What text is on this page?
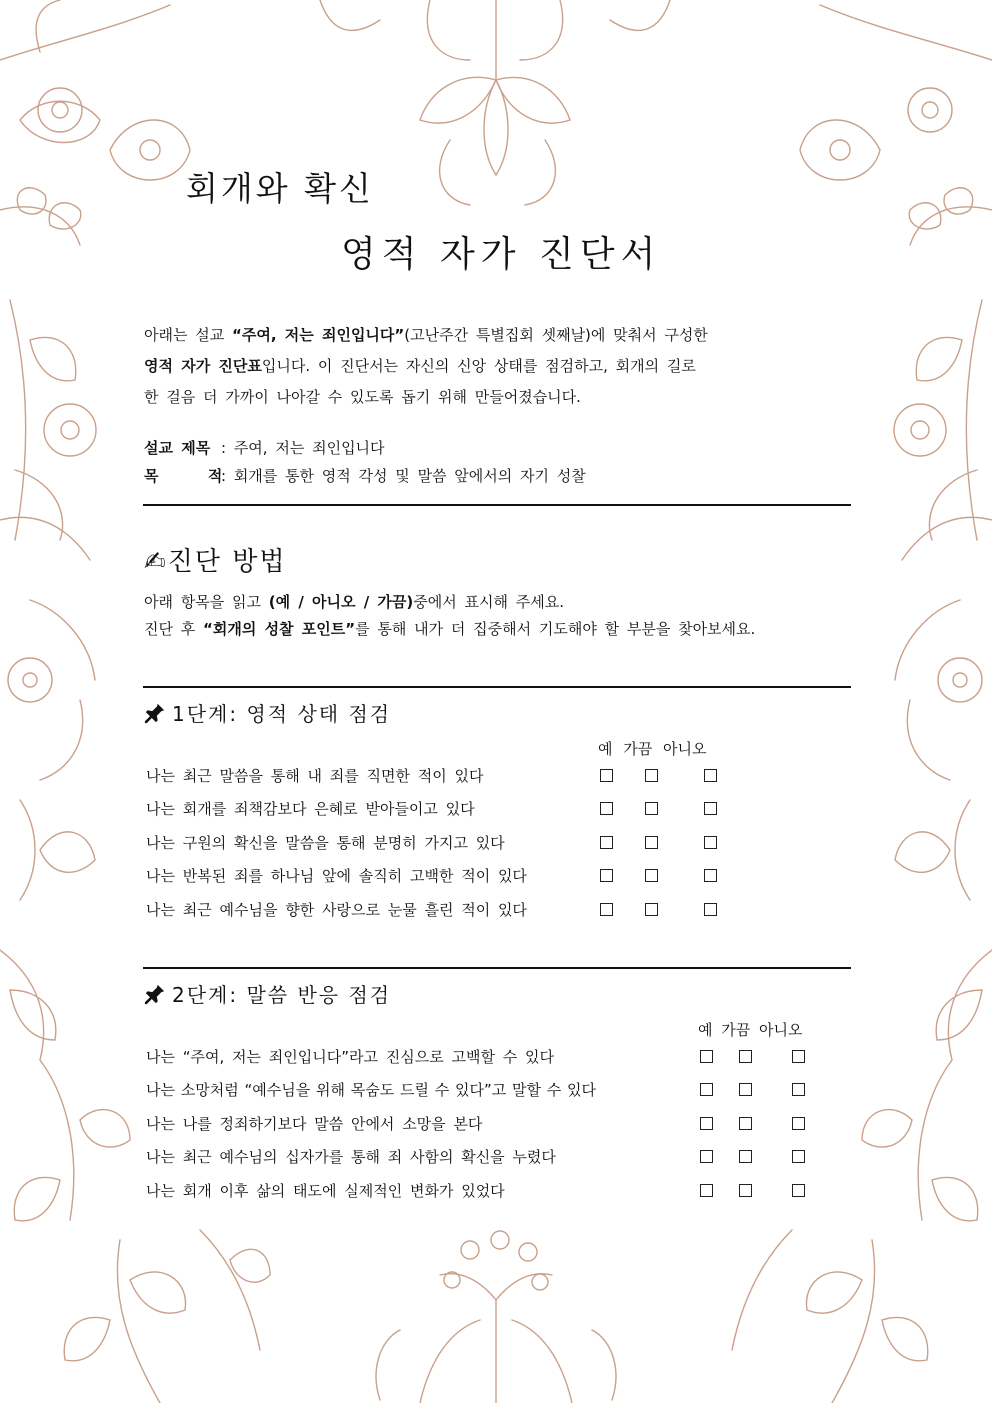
회개와 확신
영적 자가 진단서
아래는 설교 “주여, 저는 죄인입니다”(고난주간 특별집회 셋째날)에 맞춰서 구성한
영적 자가 진단표입니다. 이 진단서는 자신의 신앙 상태를 점검하고, 회개의 길로
한 걸음 더 가까이 나아갈 수 있도록 돕기 위해 만들어졌습니다.
설교 제목 : 주여, 저는 죄인입니다
목      적: 회개를 통한 영적 각성 및 말씀 앞에서의 자기 성찰
✍진단 방법
아래 항목을 읽고 (예 / 아니오 / 가끔)중에서 표시해 주세요.
진단 후 “회개의 성찰 포인트”를 통해 내가 더 집중해서 기도해야 할 부분을 찾아보세요.
1단계: 영적 상태 점검
예 가끔 아니오
나는 최근 말씀을 통해 내 죄를 직면한 적이 있다
나는 회개를 죄책감보다 은혜로 받아들이고 있다
나는 구원의 확신을 말씀을 통해 분명히 가지고 있다
나는 반복된 죄를 하나님 앞에 솔직히 고백한 적이 있다
나는 최근 예수님을 향한 사랑으로 눈물 흘린 적이 있다
2단계: 말씀 반응 점검
예 가끔 아니오
나는 “주여, 저는 죄인입니다”라고 진심으로 고백할 수 있다
나는 소망처럼 “예수님을 위해 목숨도 드릴 수 있다”고 말할 수 있다
나는 나를 정죄하기보다 말씀 안에서 소망을 본다
나는 최근 예수님의 십자가를 통해 죄 사함의 확신을 누렸다
나는 회개 이후 삶의 태도에 실제적인 변화가 있었다
